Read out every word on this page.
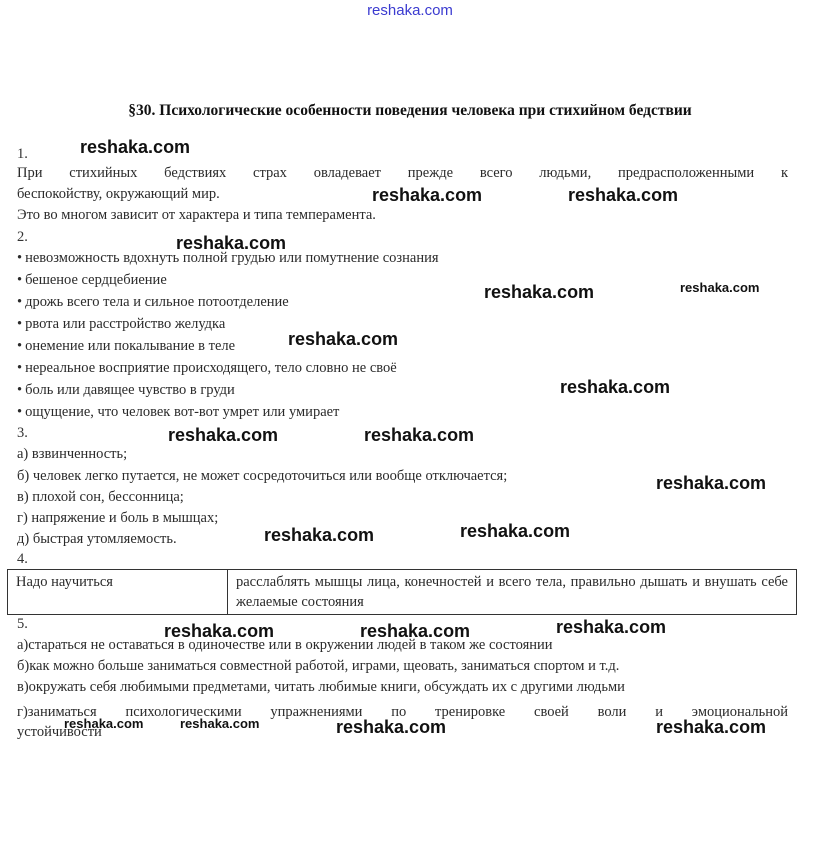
reshaka.com
§30. Психологические особенности поведения человека при стихийном бедствии
1.
При стихийных бедствиях страх овладевает прежде всего людьми, предрасположенными к
беспокойству, окружающий мир.
Это во многом зависит от характера и типа темперамента.
2.
• невозможность вдохнуть полной грудью или помутнение сознания
• бешеное сердцебиение
• дрожь всего тела и сильное потоотделение
• рвота или расстройство желудка
• онемение или покалывание в теле
• нереальное восприятие происходящего, тело словно не своё
• боль или давящее чувство в груди
• ощущение, что человек вот-вот умрет или умирает
3.
а) взвинченность;
б) человек легко путается, не может сосредоточиться или вообще отключается;
в) плохой сон, бессонница;
г) напряжение и боль в мышцах;
д) быстрая утомляемость.
4.
Надо научиться	расслаблять мышцы лица, конечностей и всего тела, правильно дышать и внушать себе желаемые состояния
5.
а)стараться не оставаться в одиночестве или в окружении людей в таком же состоянии
б)как можно больше заниматься совместной работой, играми, щеовать, заниматься спортом и т.д.
в)окружать себя любимыми предметами, читать любимые книги, обсуждать их с другими людьми
г)заниматься психологическими упражнениями по тренировке своей воли и эмоциональной
устойчивости
reshaka.com
reshaka.com	reshaka.com
reshaka.com
reshaka.com	reshaka.com
reshaka.com
reshaka.com
reshaka.com	reshaka.com
reshaka.com
reshaka.com
reshaka.com
reshaka.com	reshaka.com	reshaka.com
reshaka.com	reshaka.com	reshaka.com	reshaka.com
